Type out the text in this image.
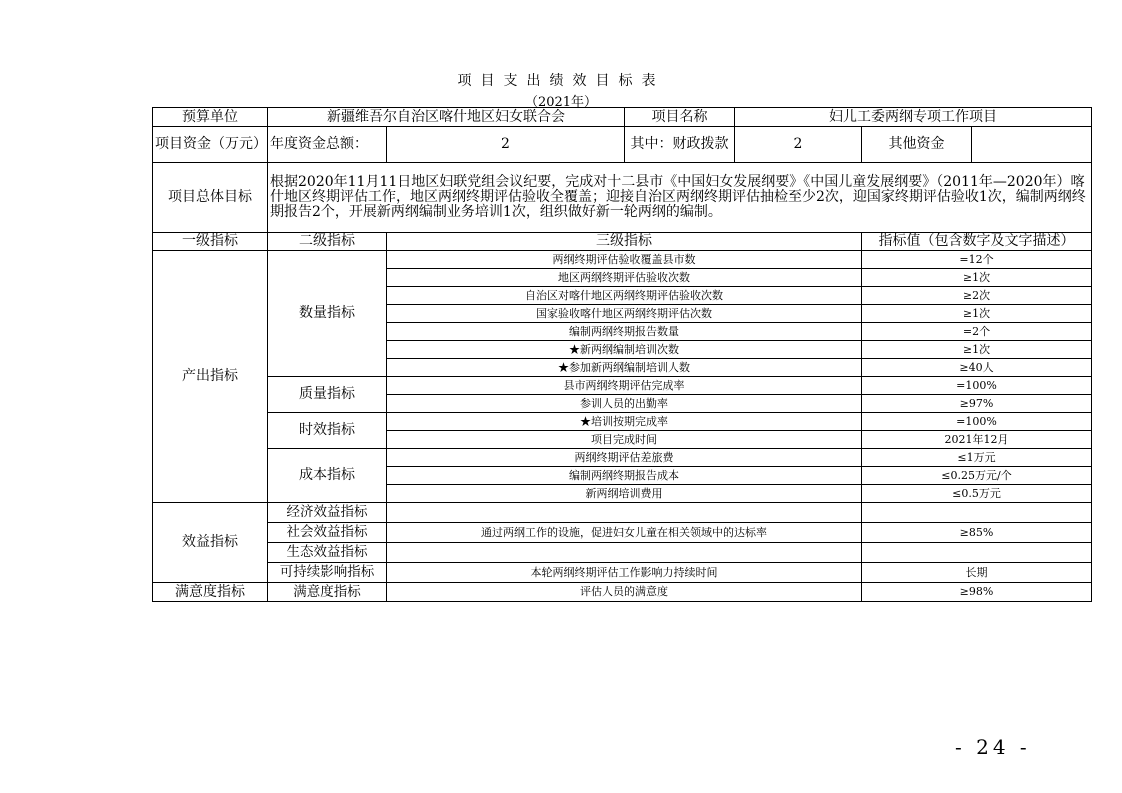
项目支出绩效目标表
（2021年）
预算单位	新疆维吾尔自治区喀什地区妇女联合会		项目名称	妇儿工委两纲专项工作项目		
项目资金（万元）	年度资金总额：	2	其中：财政拨款	2	其他资金	
项目总体目标	根据2020年11月11日地区妇联党组会议纪要，完成对十二县市《中国妇女发展纲要》《中国儿童发展纲要》（2011年—2020年）喀什地区终期评估工作，地区两纲终期评估验收全覆盖；迎接自治区两纲终期评估抽检至少2次，迎国家终期评估验收1次，编制两纲终期报告2个，开展新两纲编制业务培训1次，组织做好新一轮两纲的编制。					
一级指标	二级指标	三级指标			指标值（包含数字及文字描述）	
产出指标	数量指标	两纲终期评估验收覆盖县市数			=12个	
		地区两纲终期评估验收次数			≥1次	
		自治区对喀什地区两纲终期评估验收次数			≥2次	
		国家验收喀什地区两纲终期评估次数			≥1次	
		编制两纲终期报告数量			=2个	
		★新两纲编制培训次数			≥1次	
		★参加新两纲编制培训人数			≥40人	
	质量指标	县市两纲终期评估完成率			=100%	
		参训人员的出勤率			≥97%	
	时效指标	★培训按期完成率			=100%	
		项目完成时间			2021年12月	
	成本指标	两纲终期评估差旅费			≤1万元	
		编制两纲终期报告成本			≤0.25万元/个	
		新两纲培训费用			≤0.5万元	
效益指标	经济效益指标					
	社会效益指标	通过两纲工作的设施，促进妇女儿童在相关领域中的达标率			≥85%	
	生态效益指标					
	可持续影响指标	本轮两纲终期评估工作影响力持续时间			长期	
满意度指标	满意度指标	评估人员的满意度			≥98%	
- 24 -
